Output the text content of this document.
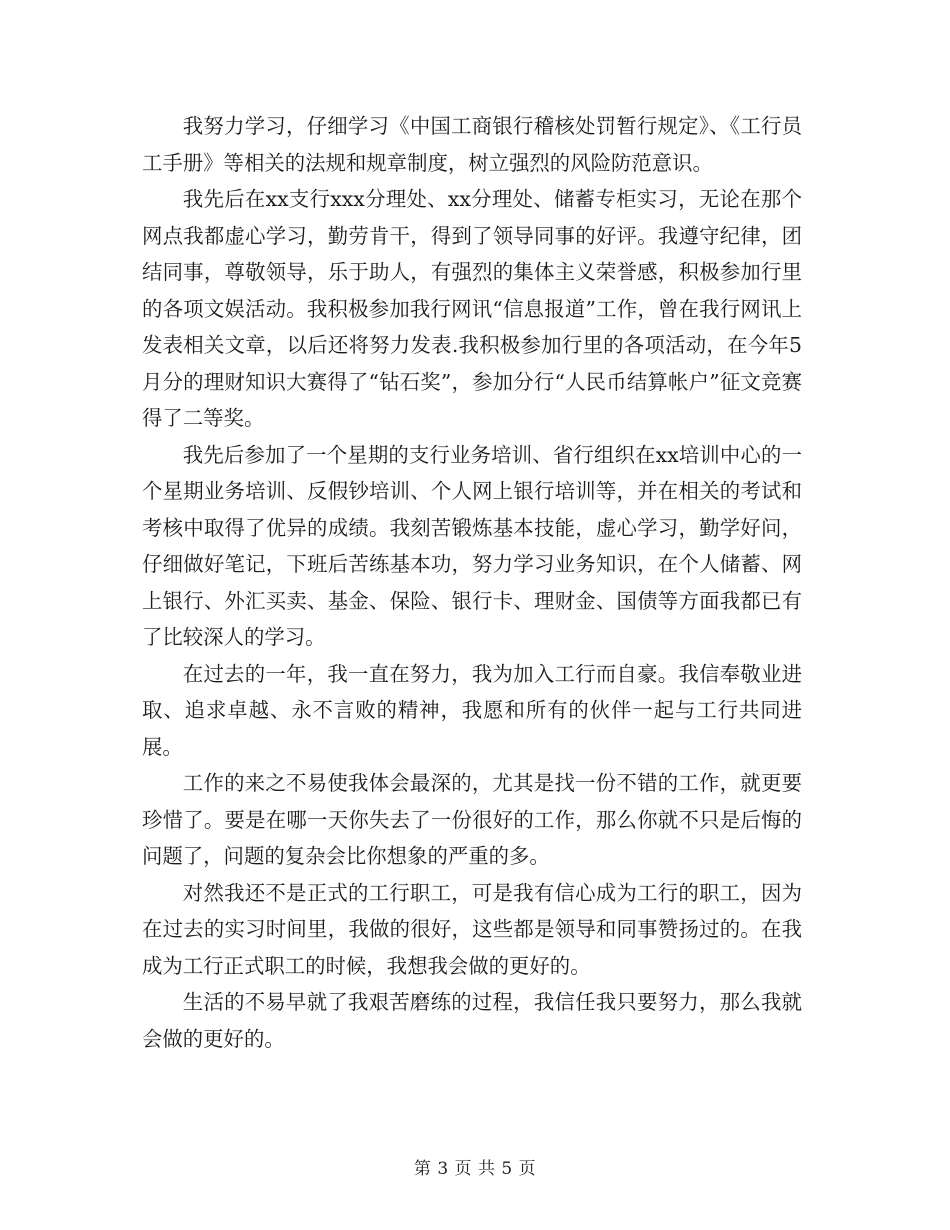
我努力学习，仔细学习《中国工商银行稽核处罚暂行规定》、《工行员工手册》等相关的法规和规章制度，树立强烈的风险防范意识。

我先后在xx支行xxx分理处、xx分理处、储蓄专柜实习，无论在那个网点我都虚心学习，勤劳肯干，得到了领导同事的好评。我遵守纪律，团结同事，尊敬领导，乐于助人，有强烈的集体主义荣誉感，积极参加行里的各项文娱活动。我积极参加我行网讯“信息报道”工作，曾在我行网讯上发表相关文章，以后还将努力发表.我积极参加行里的各项活动，在今年5月分的理财知识大赛得了“钻石奖”，参加分行“人民币结算帐户”征文竞赛得了二等奖。

我先后参加了一个星期的支行业务培训、省行组织在xx培训中心的一个星期业务培训、反假钞培训、个人网上银行培训等，并在相关的考试和考核中取得了优异的成绩。我刻苦锻炼基本技能，虚心学习，勤学好问，仔细做好笔记，下班后苦练基本功，努力学习业务知识，在个人储蓄、网上银行、外汇买卖、基金、保险、银行卡、理财金、国债等方面我都已有了比较深人的学习。

在过去的一年，我一直在努力，我为加入工行而自豪。我信奉敬业进取、追求卓越、永不言败的精神，我愿和所有的伙伴一起与工行共同进展。

工作的来之不易使我体会最深的，尤其是找一份不错的工作，就更要珍惜了。要是在哪一天你失去了一份很好的工作，那么你就不只是后悔的问题了，问题的复杂会比你想象的严重的多。

对然我还不是正式的工行职工，可是我有信心成为工行的职工，因为在过去的实习时间里，我做的很好，这些都是领导和同事赞扬过的。在我成为工行正式职工的时候，我想我会做的更好的。

生活的不易早就了我艰苦磨练的过程，我信任我只要努力，那么我就会做的更好的。

第 3 页 共 5 页
